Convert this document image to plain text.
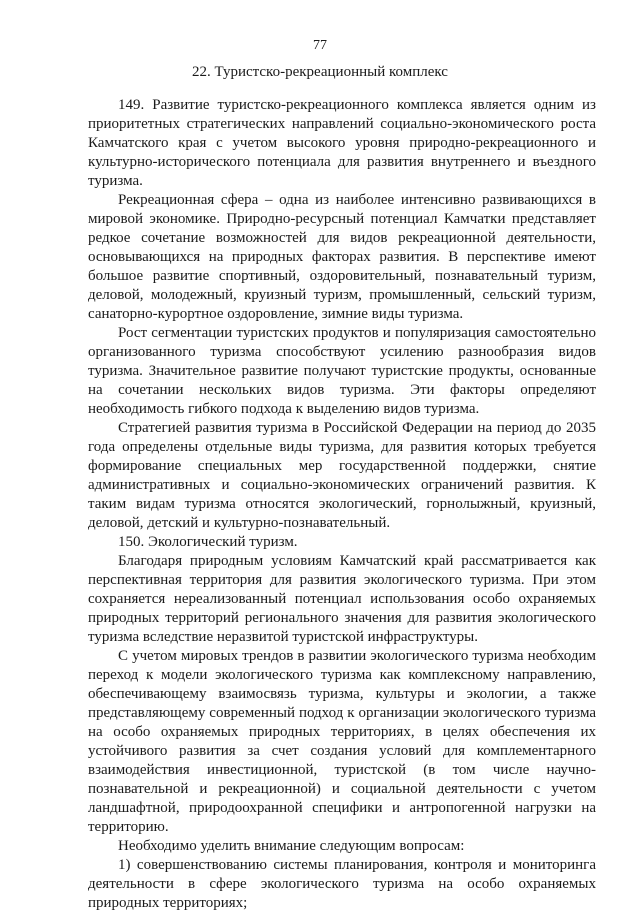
77
22. Туристско-рекреационный комплекс

149. Развитие туристско-рекреационного комплекса является одним из приоритетных стратегических направлений социально-экономического роста Камчатского края с учетом высокого уровня природно-рекреационного и культурно-исторического потенциала для развития внутреннего и въездного туризма.

Рекреационная сфера – одна из наиболее интенсивно развивающихся в мировой экономике. Природно-ресурсный потенциал Камчатки представляет редкое сочетание возможностей для видов рекреационной деятельности, основывающихся на природных факторах развития. В перспективе имеют большое развитие спортивный, оздоровительный, познавательный туризм, деловой, молодежный, круизный туризм, промышленный, сельский туризм, санаторно-курортное оздоровление, зимние виды туризма.

Рост сегментации туристских продуктов и популяризация самостоятельно организованного туризма способствуют усилению разнообразия видов туризма. Значительное развитие получают туристские продукты, основанные на сочетании нескольких видов туризма. Эти факторы определяют необходимость гибкого подхода к выделению видов туризма.

Стратегией развития туризма в Российской Федерации на период до 2035 года определены отдельные виды туризма, для развития которых требуется формирование специальных мер государственной поддержки, снятие административных и социально-экономических ограничений развития. К таким видам туризма относятся экологический, горнолыжный, круизный, деловой, детский и культурно-познавательный.

150. Экологический туризм.

Благодаря природным условиям Камчатский край рассматривается как перспективная территория для развития экологического туризма. При этом сохраняется нереализованный потенциал использования особо охраняемых природных территорий регионального значения для развития экологического туризма вследствие неразвитой туристской инфраструктуры.

С учетом мировых трендов в развитии экологического туризма необходим переход к модели экологического туризма как комплексному направлению, обеспечивающему взаимосвязь туризма, культуры и экологии, а также представляющему современный подход к организации экологического туризма на особо охраняемых природных территориях, в целях обеспечения их устойчивого развития за счет создания условий для комплементарного взаимодействия инвестиционной, туристской (в том числе научно-познавательной и рекреационной) и социальной деятельности с учетом ландшафтной, природоохранной специфики и антропогенной нагрузки на территорию.

Необходимо уделить внимание следующим вопросам:

1) совершенствованию системы планирования, контроля и мониторинга деятельности в сфере экологического туризма на особо охраняемых природных территориях;
